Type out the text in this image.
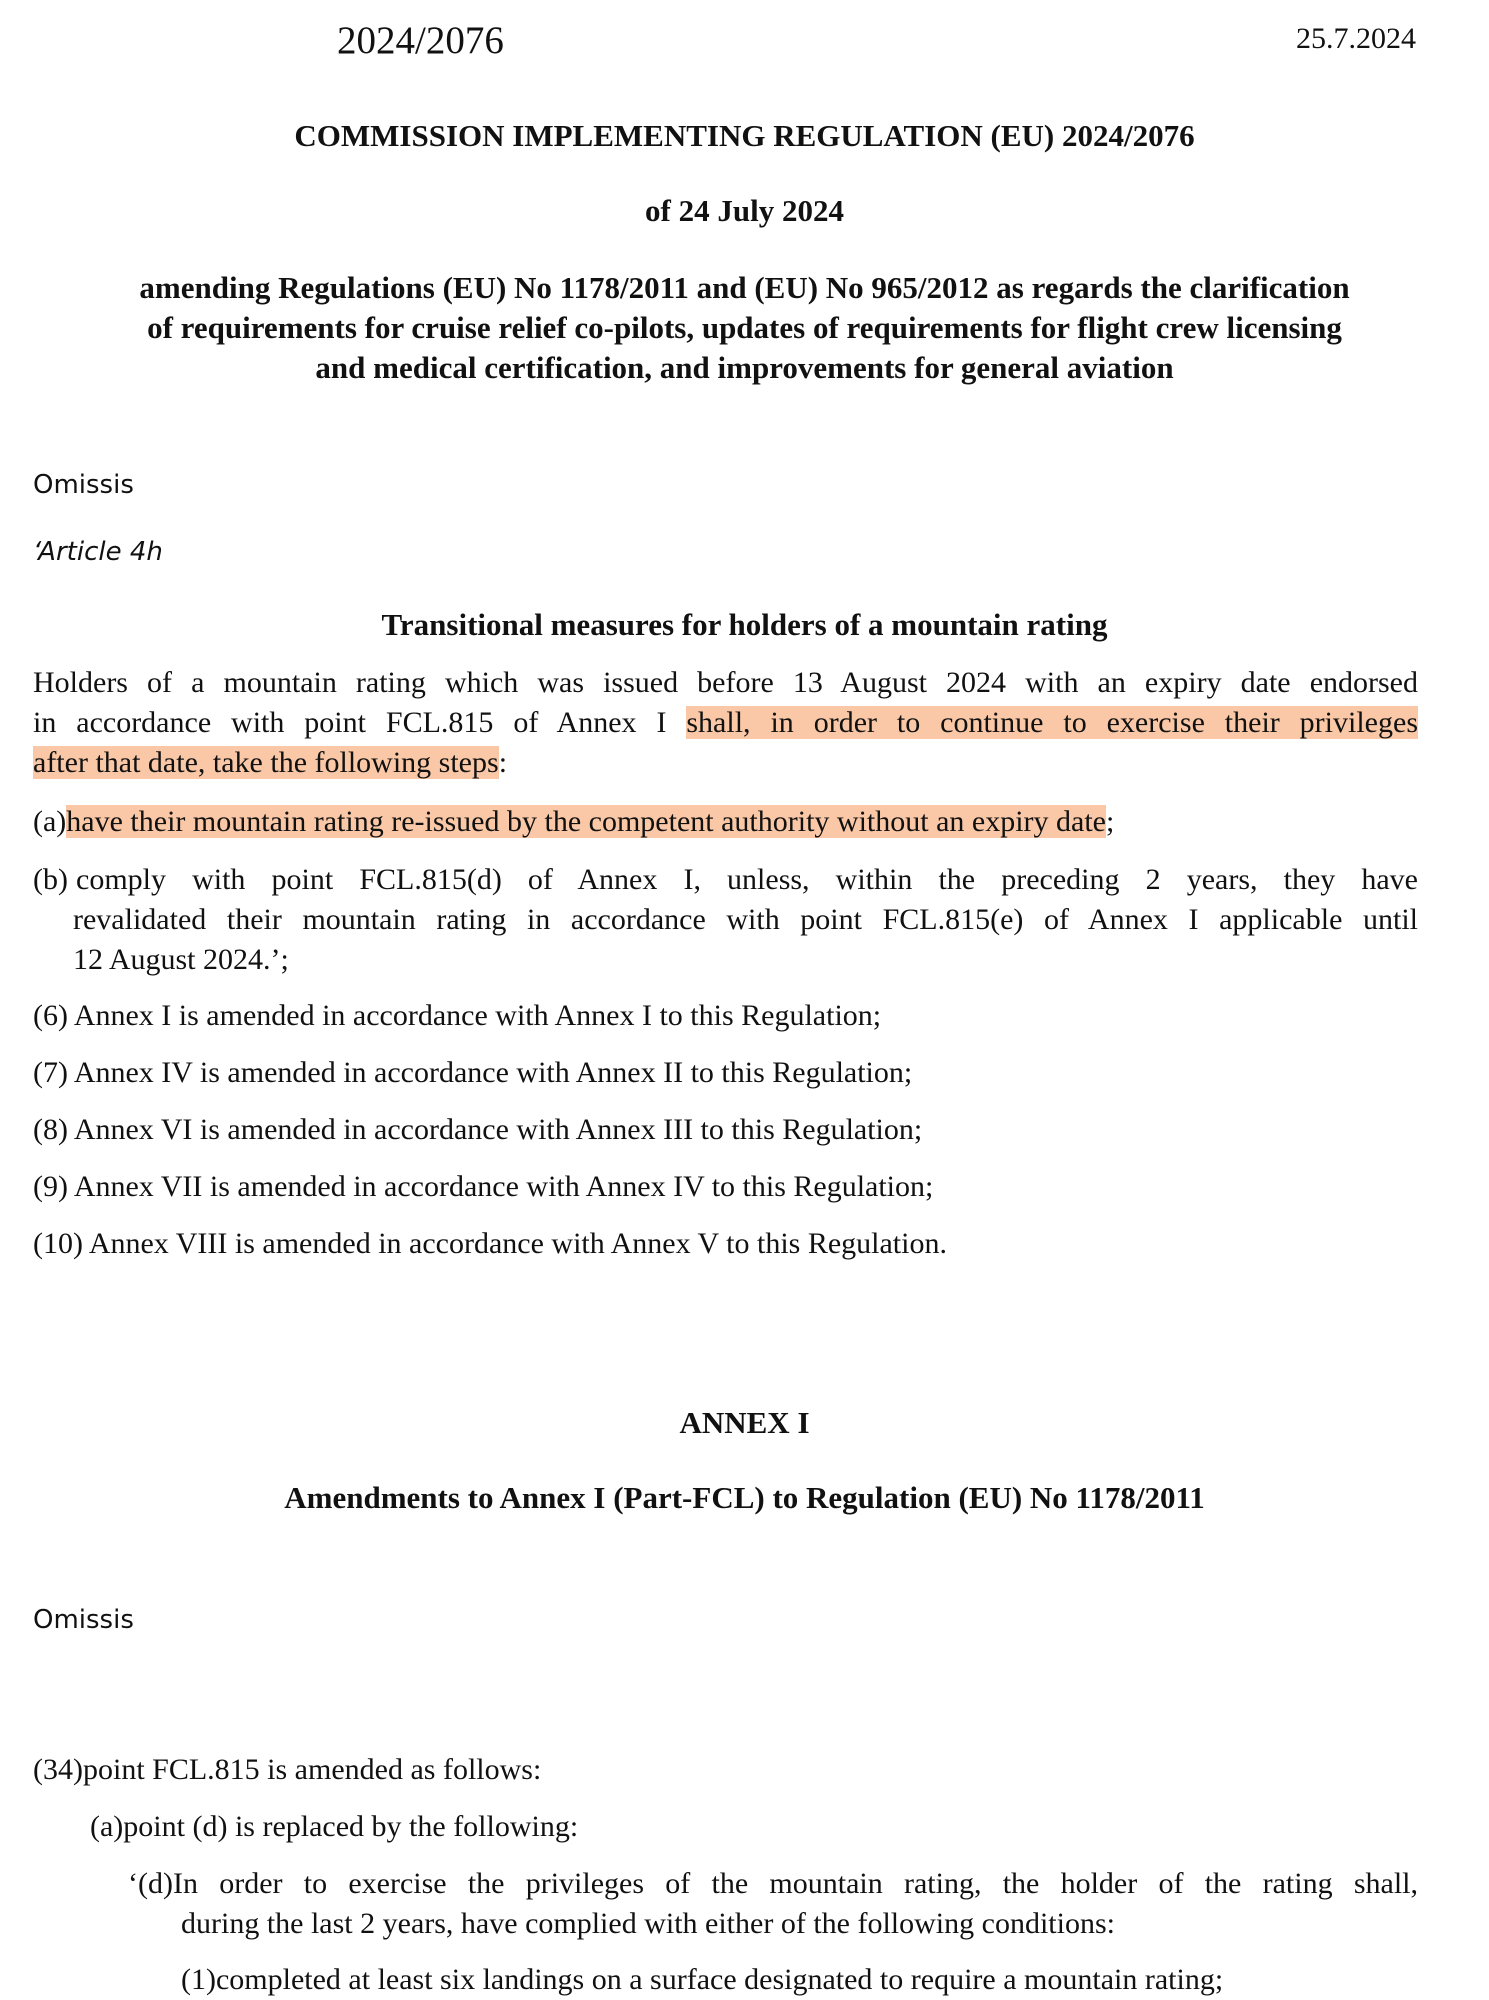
2024/2076	25.7.2024
COMMISSION IMPLEMENTING REGULATION (EU) 2024/2076
of 24 July 2024
amending Regulations (EU) No 1178/2011 and (EU) No 965/2012 as regards the clarification
of requirements for cruise relief co-pilots, updates of requirements for flight crew licensing
and medical certification, and improvements for general aviation
Omissis
‘Article 4h
Transitional measures for holders of a mountain rating
Holders of a mountain rating which was issued before 13 August 2024 with an expiry date endorsed
in accordance with point FCL.815 of Annex I shall, in order to continue to exercise their privileges
after that date, take the following steps:
(a)have their mountain rating re-issued by the competent authority without an expiry date;
(b) comply with point FCL.815(d) of Annex I, unless, within the preceding 2 years, they have
revalidated their mountain rating in accordance with point FCL.815(e) of Annex I applicable until
12 August 2024.’;
(6) Annex I is amended in accordance with Annex I to this Regulation;
(7) Annex IV is amended in accordance with Annex II to this Regulation;
(8) Annex VI is amended in accordance with Annex III to this Regulation;
(9) Annex VII is amended in accordance with Annex IV to this Regulation;
(10) Annex VIII is amended in accordance with Annex V to this Regulation.
ANNEX I
Amendments to Annex I (Part-FCL) to Regulation (EU) No 1178/2011
Omissis
(34)point FCL.815 is amended as follows:
(a)point (d) is replaced by the following:
‘(d)In order to exercise the privileges of the mountain rating, the holder of the rating shall,
during the last 2 years, have complied with either of the following conditions:
(1)completed at least six landings on a surface designated to require a mountain rating;
